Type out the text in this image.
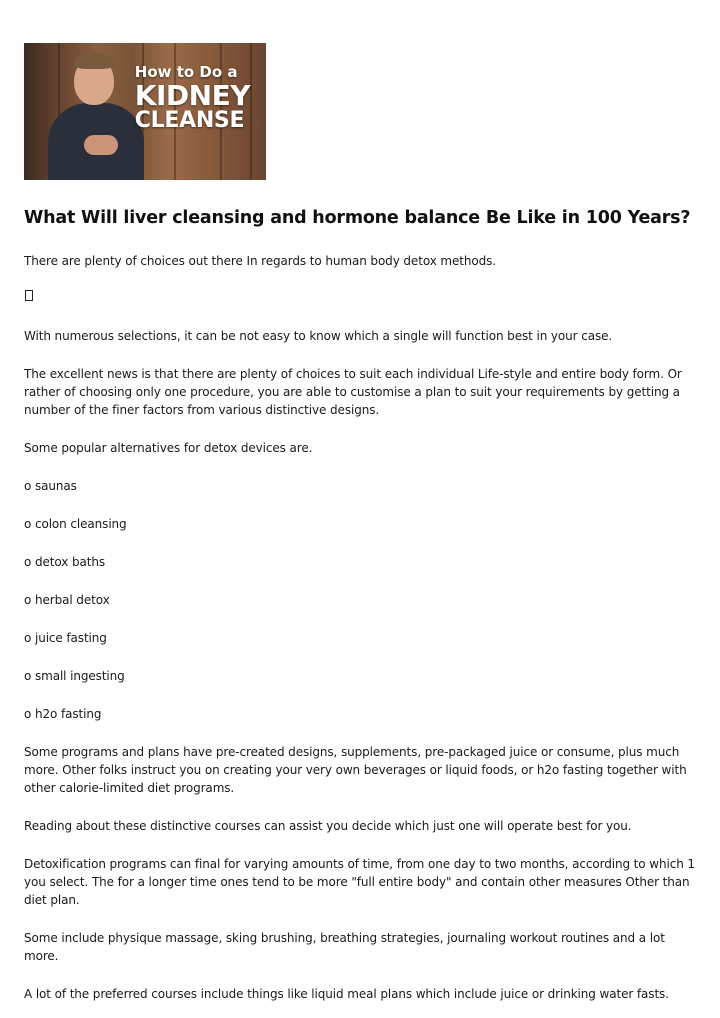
How to Do a
KIDNEY
CLEANSE
What Will liver cleansing and hormone balance Be Like in 100 Years?

There are plenty of choices out there In regards to human body detox methods.

With numerous selections, it can be not easy to know which a single will function best in your case.

The excellent news is that there are plenty of choices to suit each individual Life-style and entire body form. Or rather of choosing only one procedure, you are able to customise a plan to suit your requirements by getting a number of the finer factors from various distinctive designs.

Some popular alternatives for detox devices are.

o saunas

o colon cleansing

o detox baths

o herbal detox

o juice fasting

o small ingesting

o h2o fasting

Some programs and plans have pre-created designs, supplements, pre-packaged juice or consume, plus much more. Other folks instruct you on creating your very own beverages or liquid foods, or h2o fasting together with other calorie-limited diet programs.

Reading about these distinctive courses can assist you decide which just one will operate best for you.

Detoxification programs can final for varying amounts of time, from one day to two months, according to which 1 you select. The for a longer time ones tend to be more "full entire body" and contain other measures Other than diet plan.

Some include physique massage, sking brushing, breathing strategies, journaling workout routines and a lot more.

A lot of the preferred courses include things like liquid meal plans which include juice or drinking water fasts.
